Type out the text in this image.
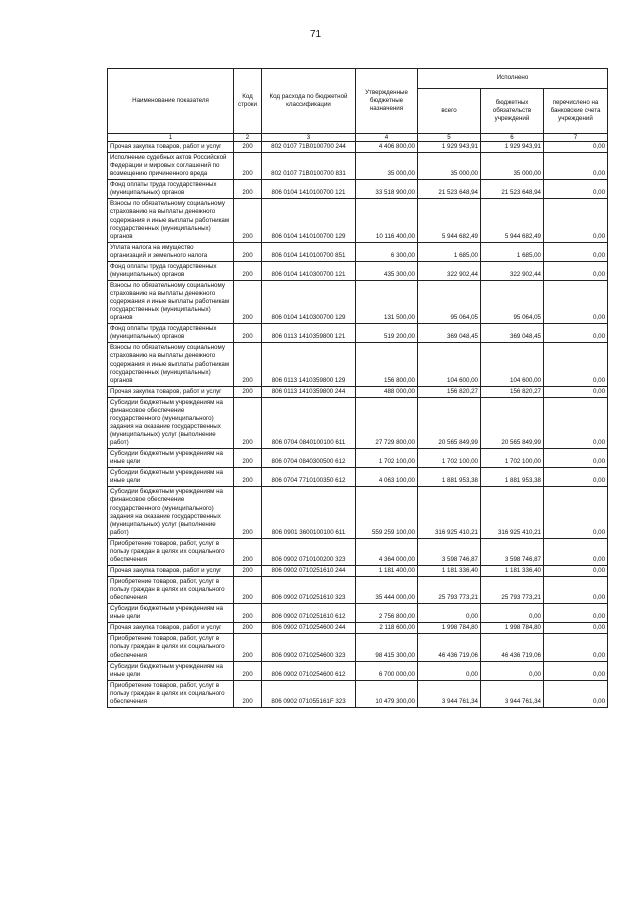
71
Наименование показателя	Код строки	Код расхода по бюджетной классификации	Утвержденные бюджетные назначения	Исполнено		
				всего	бюджетных обязательств учреждений	перечислено на банковские счета учреждений
1	2	3	4	5	6	7
Прочая закупка товаров, работ и услуг	200	802 0107 71В0100700 244	4 406 800,00	1 929 943,91	1 929 943,91	0,00
Исполнение судебных актов Российской Федерации и мировых соглашений по возмещению причиненного вреда	200	802 0107 71В0100700 831	35 000,00	35 000,00	35 000,00	0,00
Фонд оплаты труда государственных (муниципальных) органов	200	806 0104 1410100700 121	33 518 900,00	21 523 648,94	21 523 648,94	0,00
Взносы по обязательному социальному страхованию на выплаты денежного содержания и иные выплаты работникам государственных (муниципальных) органов	200	806 0104 1410100700 129	10 116 400,00	5 944 682,49	5 944 682,49	0,00
Уплата налога на имущество организаций и земельного налога	200	806 0104 1410100700 851	6 300,00	1 685,00	1 685,00	0,00
Фонд оплаты труда государственных (муниципальных) органов	200	806 0104 1410300700 121	435 300,00	322 902,44	322 902,44	0,00
Взносы по обязательному социальному страхованию на выплаты денежного содержания и иные выплаты работникам государственных (муниципальных) органов	200	806 0104 1410300700 129	131 500,00	95 064,05	95 064,05	0,00
Фонд оплаты труда государственных (муниципальных) органов	200	806 0113 1410359800 121	519 200,00	369 048,45	369 048,45	0,00
Взносы по обязательному социальному страхованию на выплаты денежного содержания и иные выплаты работникам государственных (муниципальных) органов	200	806 0113 1410359800 129	156 800,00	104 600,00	104 600,00	0,00
Прочая закупка товаров, работ и услуг	200	806 0113 1410359800 244	488 000,00	156 820,27	156 820,27	0,00
Субсидии бюджетным учреждениям на финансовое обеспечение государственного (муниципального) задания на оказание государственных (муниципальных) услуг (выполнение работ)	200	806 0704 0840100100 611	27 729 800,00	20 565 849,99	20 565 849,99	0,00
Субсидии бюджетным учреждениям на иные цели	200	806 0704 0840300500 612	1 702 100,00	1 702 100,00	1 702 100,00	0,00
Субсидии бюджетным учреждениям на иные цели	200	806 0704 7710100350 612	4 063 100,00	1 881 953,38	1 881 953,38	0,00
Субсидии бюджетным учреждениям на финансовое обеспечение государственного (муниципального) задания на оказание государственных (муниципальных) услуг (выполнение работ)	200	806 0901 3600100100 611	559 259 100,00	316 925 410,21	316 925 410,21	0,00
Приобретение товаров, работ, услуг в пользу граждан в целях их социального обеспечения	200	806 0902 0710100200 323	4 364 000,00	3 598 746,87	3 598 746,87	0,00
Прочая закупка товаров, работ и услуг	200	806 0902 0710251610 244	1 181 400,00	1 181 336,40	1 181 336,40	0,00
Приобретение товаров, работ, услуг в пользу граждан в целях их социального обеспечения	200	806 0902 0710251610 323	35 444 000,00	25 793 773,21	25 793 773,21	0,00
Субсидии бюджетным учреждениям на иные цели	200	806 0902 0710251610 612	2 756 800,00	0,00	0,00	0,00
Прочая закупка товаров, работ и услуг	200	806 0902 0710254600 244	2 118 600,00	1 998 784,80	1 998 784,80	0,00
Приобретение товаров, работ, услуг в пользу граждан в целях их социального обеспечения	200	806 0902 0710254600 323	98 415 300,00	46 436 719,06	46 436 719,06	0,00
Субсидии бюджетным учреждениям на иные цели	200	806 0902 0710254600 612	6 700 000,00	0,00	0,00	0,00
Приобретение товаров, работ, услуг в пользу граждан в целях их социального обеспечения	200	806 0902 071055161F 323	10 479 300,00	3 944 761,34	3 944 761,34	0,00
